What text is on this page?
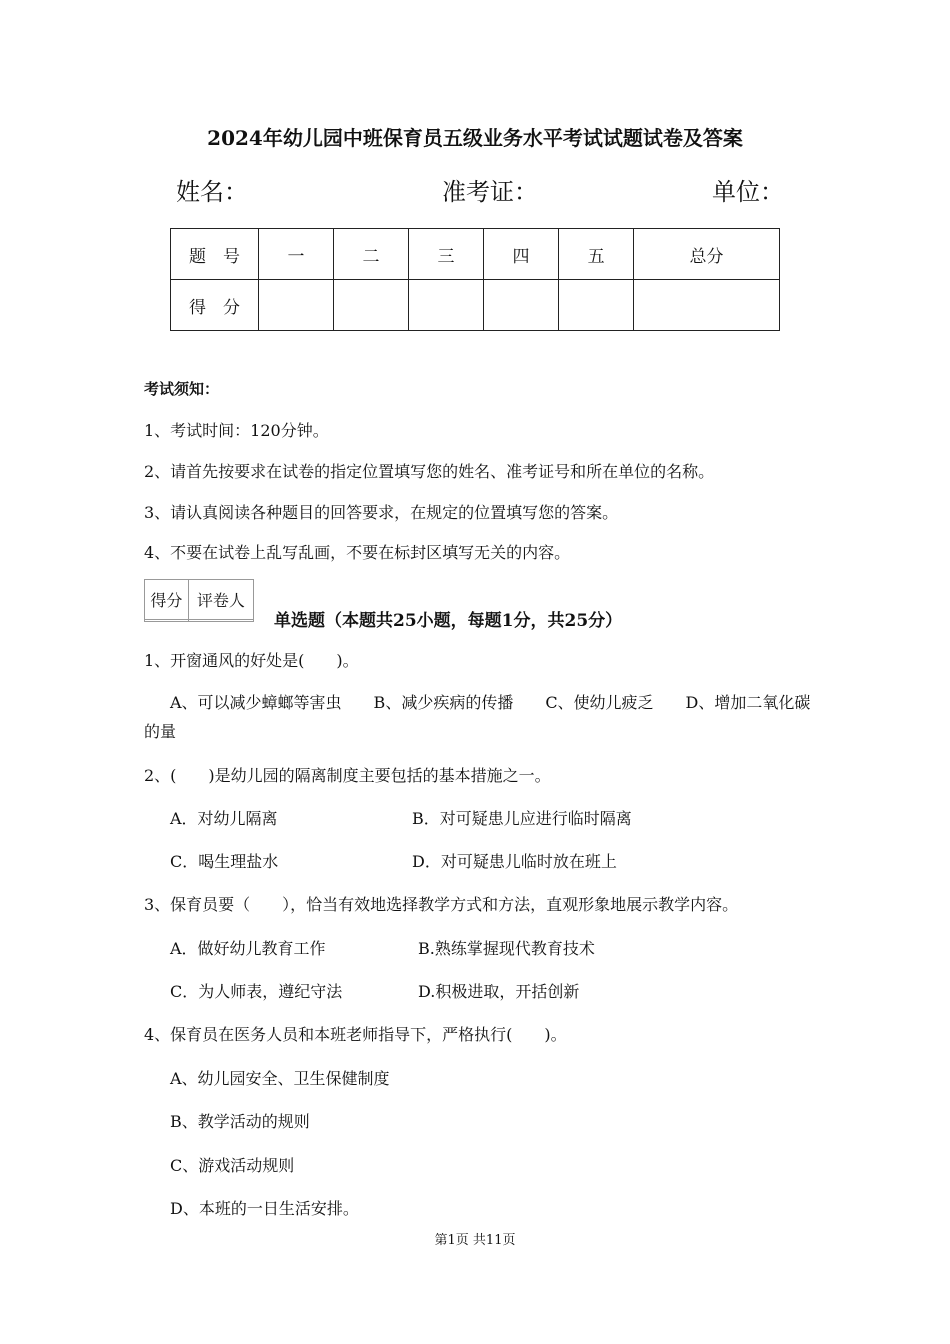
2024年幼儿园中班保育员五级业务水平考试试题试卷及答案
姓名：	准考证：	单位：
题　号	一	二	三	四	五	总分
得　分						
考试须知：
1、考试时间：120分钟。
2、请首先按要求在试卷的指定位置填写您的姓名、准考证号和所在单位的名称。
3、请认真阅读各种题目的回答要求，在规定的位置填写您的答案。
4、不要在试卷上乱写乱画，不要在标封区填写无关的内容。
得分	评卷人

单选题（本题共25小题，每题1分，共25分）
1、开窗通风的好处是(　　)。
A、可以减少蟑螂等害虫　　B、减少疾病的传播　　C、使幼儿疲乏　　D、增加二氧化碳
的量
2、(　　)是幼儿园的隔离制度主要包括的基本措施之一。
A．对幼儿隔离	B．对可疑患儿应进行临时隔离
C．喝生理盐水	D．对可疑患儿临时放在班上
3、保育员要（　　），恰当有效地选择教学方式和方法，直观形象地展示教学内容。
A．做好幼儿教育工作	B.熟练掌握现代教育技术
C．为人师表，遵纪守法	D.积极进取，开括创新
4、保育员在医务人员和本班老师指导下，严格执行(　　)。
A、幼儿园安全、卫生保健制度
B、教学活动的规则
C、游戏活动规则
D、本班的一日生活安排。
第1页 共11页
